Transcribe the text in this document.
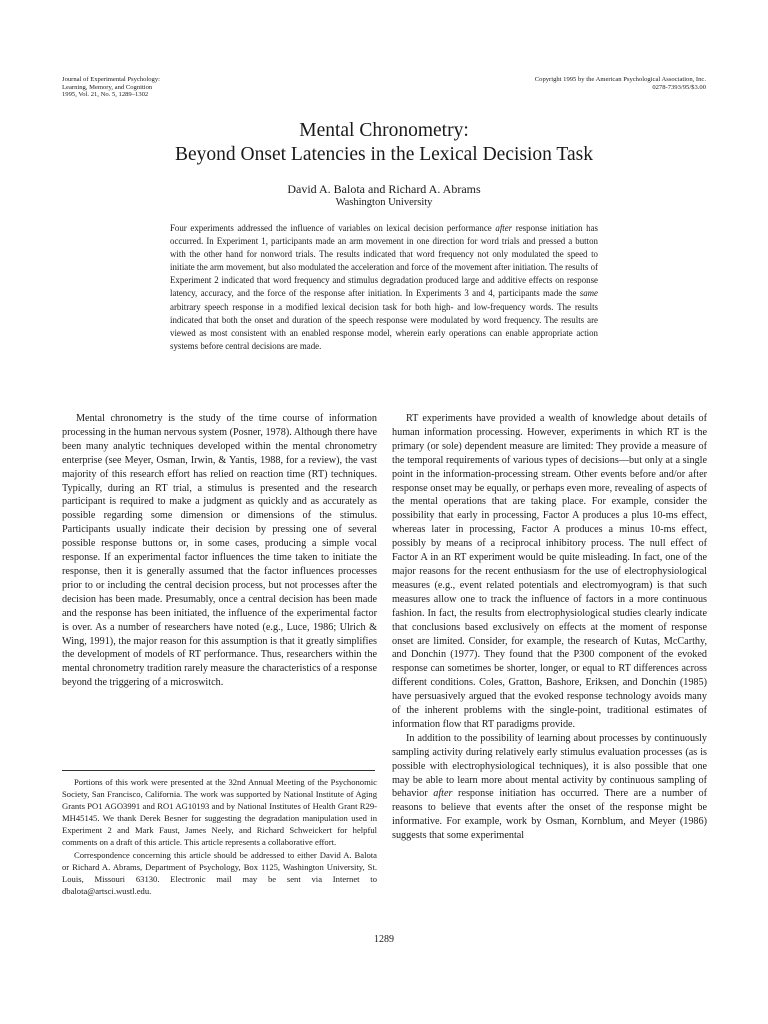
Journal of Experimental Psychology:
Learning, Memory, and Cognition
1995, Vol. 21, No. 5, 1289–1302
Copyright 1995 by the American Psychological Association, Inc.
0278-7393/95/$3.00
Mental Chronometry:
Beyond Onset Latencies in the Lexical Decision Task
David A. Balota and Richard A. Abrams
Washington University
Four experiments addressed the influence of variables on lexical decision performance after response initiation has occurred. In Experiment 1, participants made an arm movement in one direction for word trials and pressed a button with the other hand for nonword trials. The results indicated that word frequency not only modulated the speed to initiate the arm movement, but also modulated the acceleration and force of the movement after initiation. The results of Experiment 2 indicated that word frequency and stimulus degradation produced large and additive effects on response latency, accuracy, and the force of the response after initiation. In Experiments 3 and 4, participants made the same arbitrary speech response in a modified lexical decision task for both high- and low-frequency words. The results indicated that both the onset and duration of the speech response were modulated by word frequency. The results are viewed as most consistent with an enabled response model, wherein early operations can enable appropriate action systems before central decisions are made.

Mental chronometry is the study of the time course of information processing in the human nervous system (Posner, 1978). Although there have been many analytic techniques developed within the mental chronometry enterprise (see Meyer, Osman, Irwin, & Yantis, 1988, for a review), the vast majority of this research effort has relied on reaction time (RT) techniques. Typically, during an RT trial, a stimulus is presented and the research participant is required to make a judgment as quickly and as accurately as possible regarding some dimension or dimensions of the stimulus. Participants usually indicate their decision by pressing one of several possible response buttons or, in some cases, producing a simple vocal response. If an experimental factor influences the time taken to initiate the response, then it is generally assumed that the factor influences processes prior to or including the central decision process, but not processes after the decision has been made. Presumably, once a central decision has been made and the response has been initiated, the influence of the experimental factor is over. As a number of researchers have noted (e.g., Luce, 1986; Ulrich & Wing, 1991), the major reason for this assumption is that it greatly simplifies the development of models of RT performance. Thus, researchers within the mental chronometry tradition rarely measure the characteristics of a response beyond the triggering of a microswitch.

Portions of this work were presented at the 32nd Annual Meeting of the Psychonomic Society, San Francisco, California. The work was supported by National Institute of Aging Grants PO1 AGO3991 and RO1 AG10193 and by National Institutes of Health Grant R29-MH45145. We thank Derek Besner for suggesting the degradation manipulation used in Experiment 2 and Mark Faust, James Neely, and Richard Schweickert for helpful comments on a draft of this article. This article represents a collaborative effort.

Correspondence concerning this article should be addressed to either David A. Balota or Richard A. Abrams, Department of Psychology, Box 1125, Washington University, St. Louis, Missouri 63130. Electronic mail may be sent via Internet to dbalota@artsci.wustl.edu.

RT experiments have provided a wealth of knowledge about details of human information processing. However, experiments in which RT is the primary (or sole) dependent measure are limited: They provide a measure of the temporal requirements of various types of decisions—but only at a single point in the information-processing stream. Other events before and/or after response onset may be equally, or perhaps even more, revealing of aspects of the mental operations that are taking place. For example, consider the possibility that early in processing, Factor A produces a plus 10-ms effect, whereas later in processing, Factor A produces a minus 10-ms effect, possibly by means of a reciprocal inhibitory process. The null effect of Factor A in an RT experiment would be quite misleading. In fact, one of the major reasons for the recent enthusiasm for the use of electrophysiological measures (e.g., event related potentials and electromyogram) is that such measures allow one to track the influence of factors in a more continuous fashion. In fact, the results from electrophysiological studies clearly indicate that conclusions based exclusively on effects at the moment of response onset are limited. Consider, for example, the research of Kutas, McCarthy, and Donchin (1977). They found that the P300 component of the evoked response can sometimes be shorter, longer, or equal to RT differences across different conditions. Coles, Gratton, Bashore, Eriksen, and Donchin (1985) have persuasively argued that the evoked response technology avoids many of the inherent problems with the single-point, traditional estimates of information flow that RT paradigms provide.

In addition to the possibility of learning about processes by continuously sampling activity during relatively early stimulus evaluation processes (as is possible with electrophysiological techniques), it is also possible that one may be able to learn more about mental activity by continuous sampling of behavior after response initiation has occurred. There are a number of reasons to believe that events after the onset of the response might be informative. For example, work by Osman, Kornblum, and Meyer (1986) suggests that some experimental

1289
